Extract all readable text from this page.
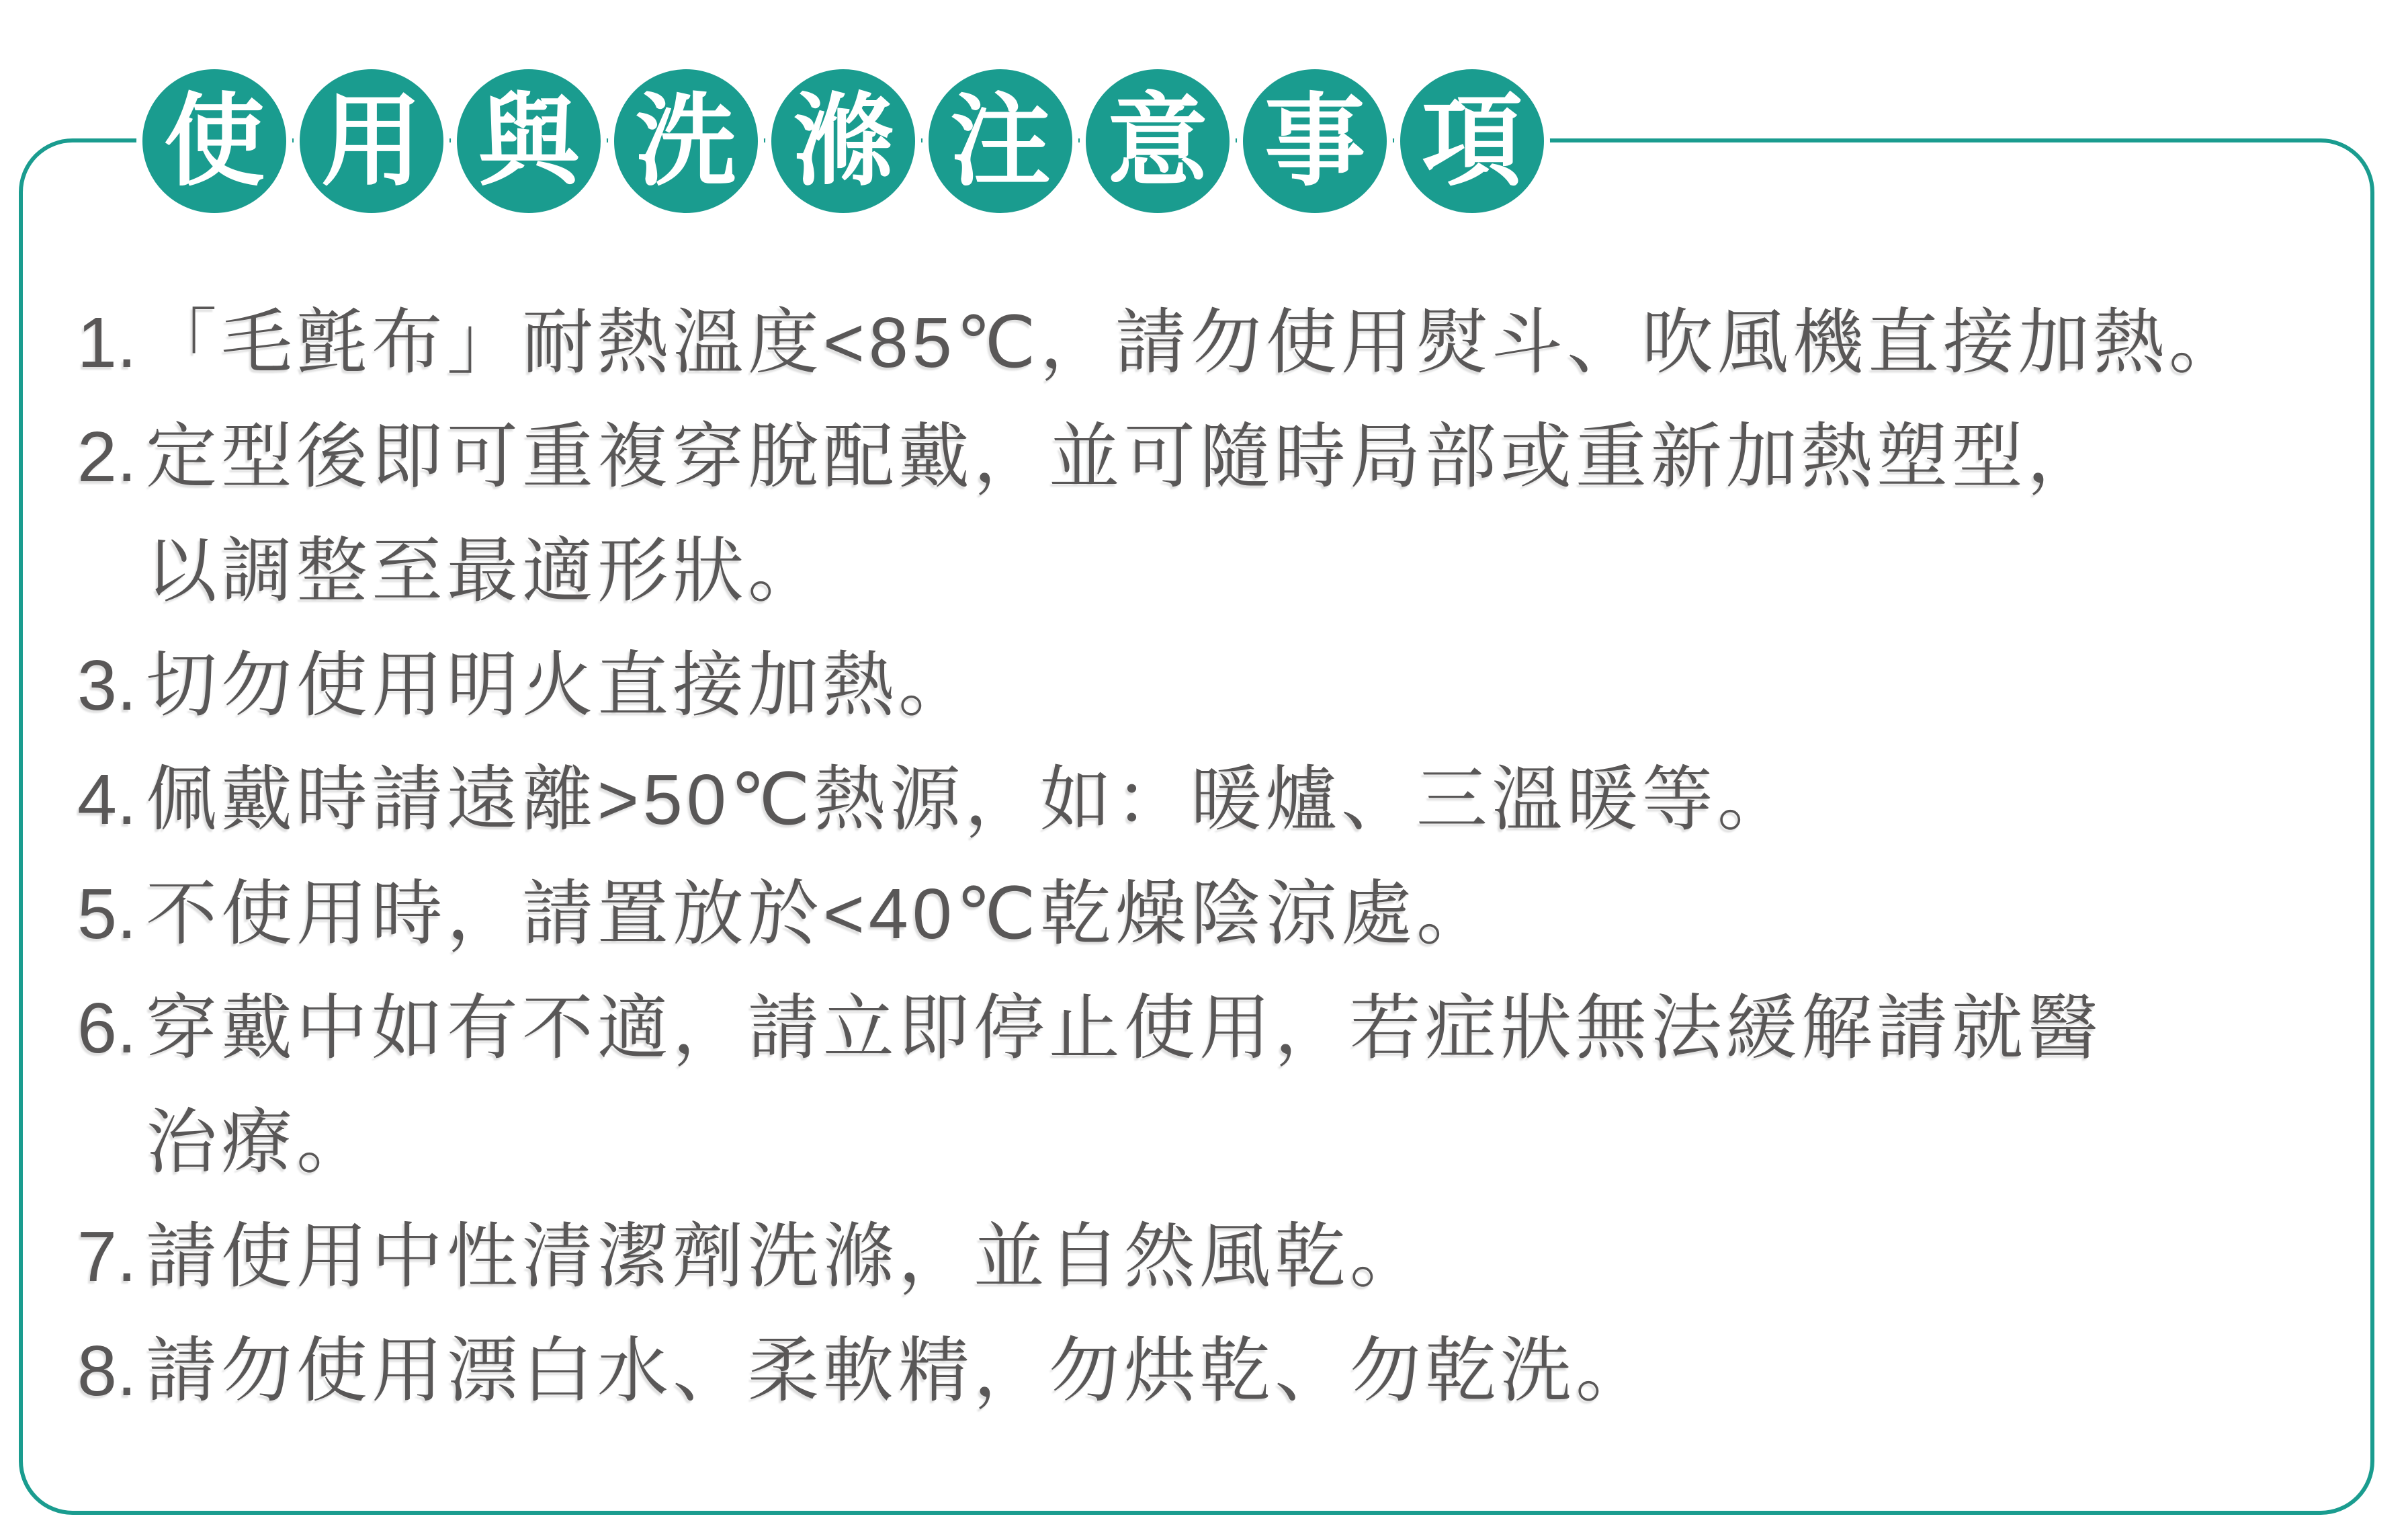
使 用 與 洗 滌 注 意 事 項
1. 「毛氈布」耐熱溫度<85℃，請勿使用熨斗、吹風機直接加熱。
2. 定型後即可重複穿脫配戴，並可隨時局部或重新加熱塑型，
以調整至最適形狀。
3. 切勿使用明火直接加熱。
4. 佩戴時請遠離>50℃熱源，如：暖爐、三溫暖等。
5. 不使用時，請置放於<40℃乾燥陰涼處。
6. 穿戴中如有不適，請立即停止使用，若症狀無法緩解請就醫
治療。
7. 請使用中性清潔劑洗滌，並自然風乾。
8. 請勿使用漂白水、柔軟精，勿烘乾、勿乾洗。
